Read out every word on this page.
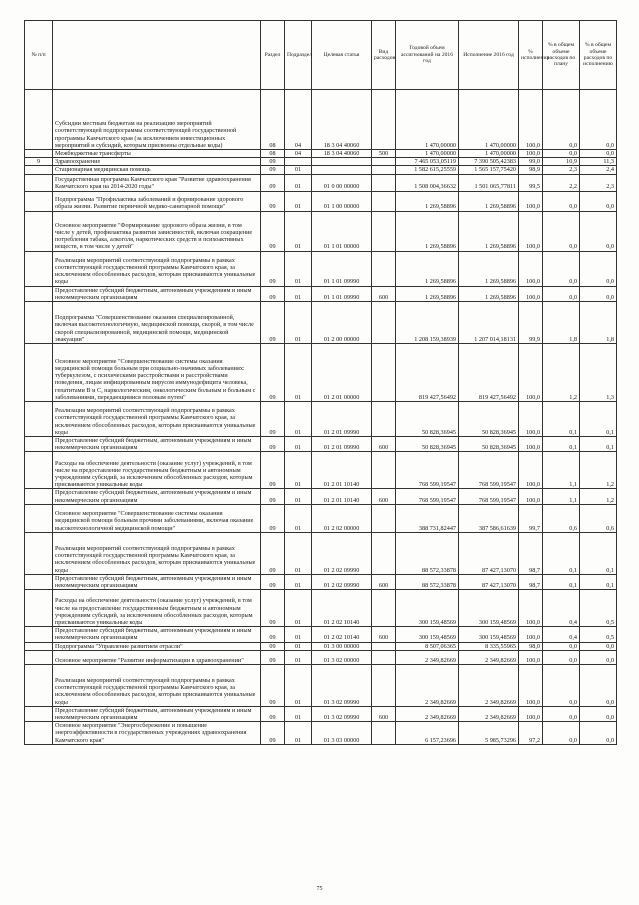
№ п/п		Раздел	Подраздел	Целевая статья	Вид расходов	Годовой объем ассигнований на 2016 год	Исполнение 2016 год	% исполнения	% в общем объеме расходов по плану	% в общем объеме расходов по исполнению
	Субсидии местным бюджетам на реализацию мероприятий соответствующей подпрограммы соответствующей государственной программы Камчатского края (за исключением инвестиционных мероприятий и субсидий, которым присвоены отдельные коды)	08	04	18 3 04 40060		1 470,00000	1 470,00000	100,0	0,0	0,0
	Межбюджетные трансферты	08	04	18 3 04 40060	500	1 470,00000	1 470,00000	100,0	0,0	0,0
9	Здравоохранение	09				7 465 053,05119	7 390 505,42383	99,0	10,9	11,3
	Стационарная медицинская помощь	09	01			1 582 615,25559	1 565 157,75420	98,9	2,3	2,4
	Государственная программа Камчатского края "Развитие здравоохранения Камчатского края на 2014-2020 годы"	09	01	01 0 00 00000		1 508 004,36632	1 501 065,77811	99,5	2,2	2,3
	Подпрограмма "Профилактика заболеваний и формирование здорового образа жизни. Развитие первичной медико-санитарной помощи"	09	01	01 1 00 00000		1 269,58896	1 269,58896	100,0	0,0	0,0
	Основное мероприятие "Формирование здорового образа жизни, в том числе у детей, профилактика развития зависимостей, включая сокращение потребления табака, алкоголя, наркотических средств и психоактивных веществ, в том числе у детей"	09	01	01 1 01 00000		1 269,58896	1 269,58896	100,0	0,0	0,0
	Реализация мероприятий соответствующей подпрограммы в рамках соответствующей государственной программы Камчатского края, за исключением обособленных расходов, которым присваиваются уникальные коды	09	01	01 1 01 09990		1 269,58896	1 269,58896	100,0	0,0	0,0
	Предоставление субсидий бюджетным, автономным учреждениям и иным некоммерческим организациям	09	01	01 1 01 09990	600	1 269,58896	1 269,58896	100,0	0,0	0,0
	Подпрограмма "Совершенствование оказания специализированной, включая высокотехнологичную, медицинской помощи, скорой, в том числе скорой специализированной, медицинской помощи, медицинской эвакуации"	09	01	01 2 00 00000		1 208 159,38939	1 207 014,18131	99,9	1,8	1,8
	Основное мероприятие "Совершенствование системы оказания медицинской помощи больным при социально-значимых заболеваниях: туберкулезом, с психическими расстройствами и расстройствами поведения, лицам инфицированным вирусом иммунодефицита человека, гепатитами В и С, наркологическим, онкологическим больным и больным с заболеваниями, передающимися половым путем"	09	01	01 2 01 00000		819 427,56492	819 427,56492	100,0	1,2	1,3
	Реализация мероприятий соответствующей подпрограммы в рамках соответствующей государственной программы Камчатского края, за исключением обособленных расходов, которым присваиваются уникальные коды	09	01	01 2 01 09990		50 828,36945	50 828,36945	100,0	0,1	0,1
	Предоставление субсидий бюджетным, автономным учреждениям и иным некоммерческим организациям	09	01	01 2 01 09990	600	50 828,36945	50 828,36945	100,0	0,1	0,1
	Расходы на обеспечение деятельности (оказание услуг) учреждений, в том числе на предоставление государственным бюджетным и автономным учреждениям субсидий, за исключением обособленных расходов, которым присваиваются уникальные коды	09	01	01 2 01 10140		768 599,19547	768 599,19547	100,0	1,1	1,2
	Предоставление субсидий бюджетным, автономным учреждениям и иным некоммерческим организациям	09	01	01 2 01 10140	600	768 599,19547	768 599,19547	100,0	1,1	1,2
	Основное мероприятие "Совершенствование системы оказания медицинской помощи больным прочими заболеваниями, включая оказание высокотехнологичной медицинской помощи"	09	01	01 2 02 00000		388 731,82447	387 586,61639	99,7	0,6	0,6
	Реализация мероприятий соответствующей подпрограммы в рамках соответствующей государственной программы Камчатского края, за исключением обособленных расходов, которым присваиваются уникальные коды	09	01	01 2 02 09990		88 572,33878	87 427,13070	98,7	0,1	0,1
	Предоставление субсидий бюджетным, автономным учреждениям и иным некоммерческим организациям	09	01	01 2 02 09990	600	88 572,33878	87 427,13070	98,7	0,1	0,1
	Расходы на обеспечение деятельности (оказание услуг) учреждений, в том числе на предоставление государственным бюджетным и автономным учреждениям субсидий, за исключением обособленных расходов, которым присваиваются уникальные коды	09	01	01 2 02 10140		300 159,48569	300 159,48569	100,0	0,4	0,5
	Предоставление субсидий бюджетным, автономным учреждениям и иным некоммерческим организациям	09	01	01 2 02 10140	600	300 159,48569	300 159,48569	100,0	0,4	0,5
	Подпрограмма "Управление развитием отрасли"	09	01	01 3 00 00000		8 507,06365	8 335,55965	98,0	0,0	0,0
	Основное мероприятие "Развитие информатизации в здравоохранении"	09	01	01 3 02 00000		2 349,82669	2 349,82669	100,0	0,0	0,0
	Реализация мероприятий соответствующей подпрограммы в рамках соответствующей государственной программы Камчатского края, за исключением обособленных расходов, которым присваиваются уникальные коды	09	01	01 3 02 09990		2 349,82669	2 349,82669	100,0	0,0	0,0
	Предоставление субсидий бюджетным, автономным учреждениям и иным некоммерческим организациям	09	01	01 3 02 09990	600	2 349,82669	2 349,82669	100,0	0,0	0,0
	Основное мероприятие "Энергосбережение и повышение энергоэффективности в государственных учреждениях здравоохранения Камчатского края"	09	01	01 3 03 00000		6 157,23696	5 985,73296	97,2	0,0	0,0
75
